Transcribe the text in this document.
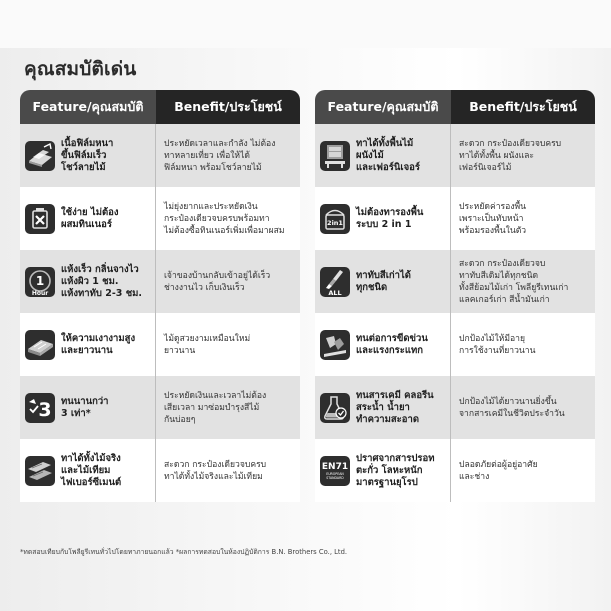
คุณสมบัติเด่น
Feature/คุณสมบัติ	Benefit/ประโยชน์
เนื้อฟิล์มหนา
ขึ้นฟิล์มเร็ว
โชว์ลายไม้
ประหยัดเวลาและกำลัง ไม่ต้อง
ทาหลายเที่ยว เพื่อให้ได้
ฟิล์มหนา พร้อมโชว์ลายไม้
ใช้ง่าย ไม่ต้อง
ผสมทินเนอร์
ไม่ยุ่งยากและประหยัดเงิน
กระป๋องเดียวจบครบพร้อมทา
ไม่ต้องซื้อทินเนอร์เพิ่มเพื่อมาผสม
1
Hour
แห้งเร็ว กลิ่นจางไว
แห้งผิว 1 ชม.
แห้งทาทับ 2-3 ชม.
เจ้าของบ้านกลับเข้าอยู่ได้เร็ว
ช่างงานไว เก็บเงินเร็ว
ให้ความเงางามสูง
และยาวนาน
ไม้ดูสวยงามเหมือนใหม่
ยาวนาน
3 ทนนานกว่า
3 เท่า*
ประหยัดเงินและเวลาไม่ต้อง
เสียเวลา มาซ่อมบำรุงสีไม้
กันบ่อยๆ
ทาได้ทั้งไม้จริง
และไม้เทียม
ไฟเบอร์ซีเมนต์
สะดวก กระป๋องเดียวจบครบ
ทาได้ทั้งไม้จริงและไม้เทียม
Feature/คุณสมบัติ	Benefit/ประโยชน์
ทาได้ทั้งพื้นไม้
ผนังไม้
และเฟอร์นิเจอร์
สะดวก กระป๋องเดียวจบครบ
ทาได้ทั้งพื้น ผนังและ
เฟอร์นิเจอร์ไม้
2in1
ไม่ต้องทารองพื้น
ระบบ 2 in 1
ประหยัดค่ารองพื้น
เพราะเป็นทับหน้า
พร้อมรองพื้นในตัว
ALL
ทาทับสีเก่าได้
ทุกชนิด
สะดวก กระป๋องเดียวจบ
ทาทับสีเดิมได้ทุกชนิด
ทั้งสีย้อมไม้เก่า โพลียูรีเทนเก่า
แลคเกอร์เก่า สีน้ำมันเก่า
ทนต่อการขีดข่วน
และแรงกระแทก
ปกป้องไม้ให้มีอายุ
การใช้งานที่ยาวนาน
ทนสารเคมี คลอรีน
สระน้ำ น้ำยา
ทำความสะอาด
ปกป้องไม้ได้ยาวนานยิ่งขึ้น
จากสารเคมีในชีวิตประจำวัน
EN71
EUROPEAN
STANDARD
ปราศจากสารปรอท
ตะกั่ว โลหะหนัก
มาตรฐานยุโรป
ปลอดภัยต่อผู้อยู่อาศัย
และช่าง
*ทดสอบเทียบกับโพลียูรีเทนทั่วไปโดยทาภายนอกแล้ว *ผลการทดสอบในห้องปฏิบัติการ B.N. Brothers Co., Ltd.
